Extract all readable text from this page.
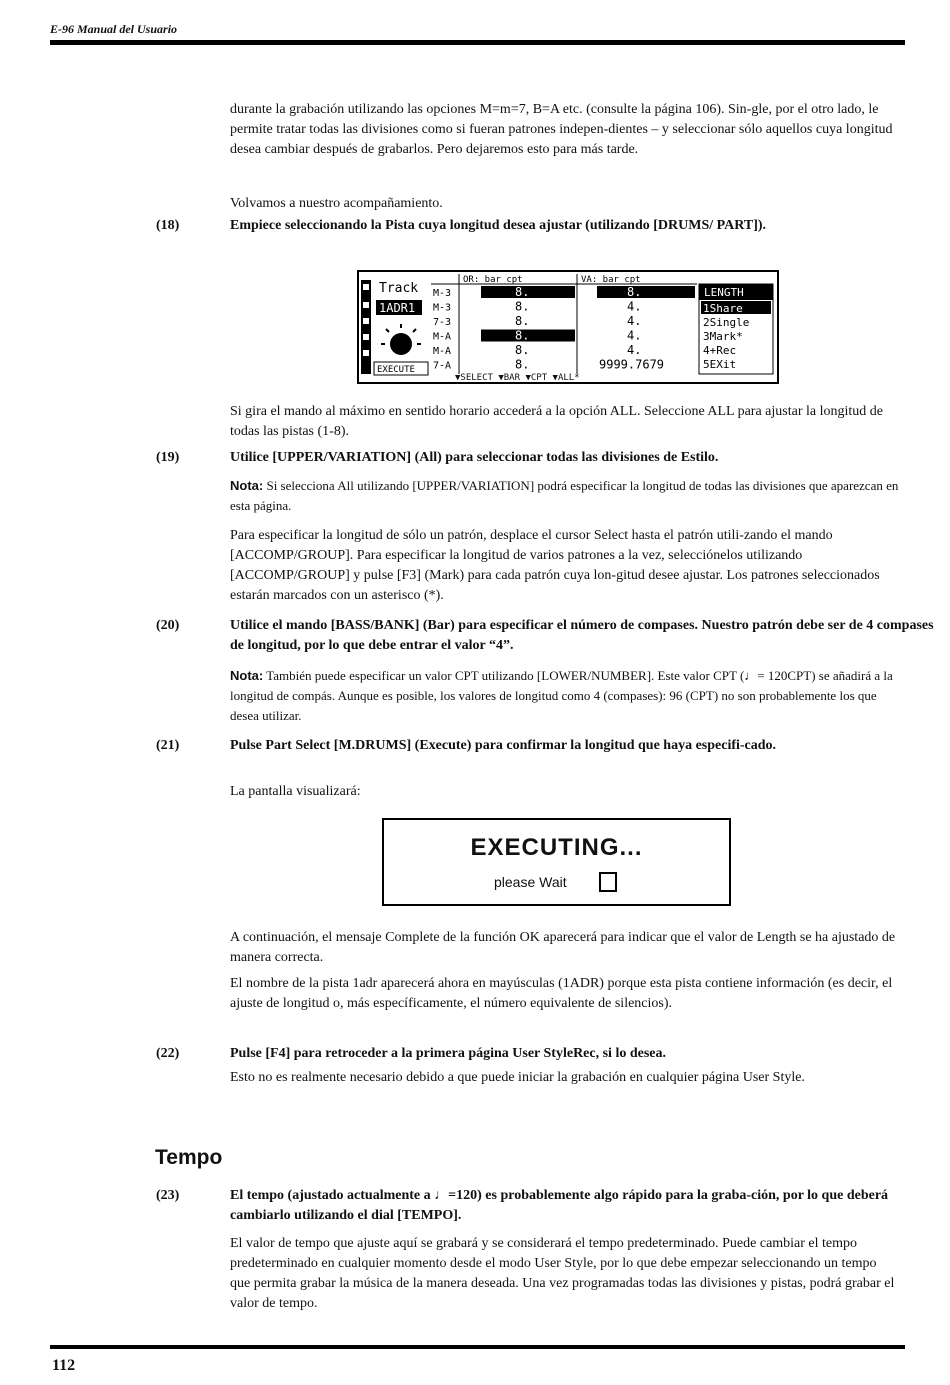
E-96 Manual del Usuario

durante la grabación utilizando las opciones M=m=7, B=A etc. (consulte la página 106). Sin-gle, por el otro lado, le permite tratar todas las divisiones como si fueran patrones indepen-dientes – y seleccionar sólo aquellos cuya longitud desea cambiar después de grabarlos. Pero dejaremos esto para más tarde.

Volvamos a nuestro acompañamiento.

(18)	Empiece seleccionando la Pista cuya longitud desea ajustar (utilizando [DRUMS/ PART]).
Track
1ADR1
EXECUTE
OR: bar cpt	VA: bar cpt
M-3	8.	8.
M-3	8.	4.
7-3	8.	4.
M-A	8.	4.
M-A	8.	4.
7-A	8.	9999.7679
LENGTH
1Share
2Single
3Mark*
4+Rec
5EXit
▼SELECT ▼BAR ▼CPT ▼ALL*

Si gira el mando al máximo en sentido horario accederá a la opción ALL. Seleccione ALL para ajustar la longitud de todas las pistas (1-8).

(19)	Utilice [UPPER/VARIATION] (All) para seleccionar todas las divisiones de Estilo.

Nota: Si selecciona All utilizando [UPPER/VARIATION] podrá especificar la longitud de todas las divisiones que aparezcan en esta página.

Para especificar la longitud de sólo un patrón, desplace el cursor Select hasta el patrón utili-zando el mando [ACCOMP/GROUP]. Para especificar la longitud de varios patrones a la vez, selecciónelos utilizando [ACCOMP/GROUP] y pulse [F3] (Mark) para cada patrón cuya lon-gitud desee ajustar. Los patrones seleccionados estarán marcados con un asterisco (*).

(20)	Utilice el mando [BASS/BANK] (Bar) para especificar el número de compases. Nuestro patrón debe ser de 4 compases de longitud, por lo que debe entrar el valor “4”.

Nota: También puede especificar un valor CPT utilizando [LOWER/NUMBER]. Este valor CPT (♩= 120CPT) se añadirá a la longitud de compás. Aunque es posible, los valores de longitud como 4 (compases): 96 (CPT) no son probablemente los que desea utilizar.

(21)	Pulse Part Select [M.DRUMS] (Execute) para confirmar la longitud que haya especifi-cado.

La pantalla visualizará:

EXECUTING...
please Wait

A continuación, el mensaje Complete de la función OK aparecerá para indicar que el valor de Length se ha ajustado de manera correcta.

El nombre de la pista 1adr aparecerá ahora en mayúsculas (1ADR) porque esta pista contiene información (es decir, el ajuste de longitud o, más específicamente, el número equivalente de silencios).

(22)	Pulse [F4] para retroceder a la primera página User StyleRec, si lo desea.

Esto no es realmente necesario debido a que puede iniciar la grabación en cualquier página User Style.

Tempo
(23)	El tempo (ajustado actualmente a ♩=120) es probablemente algo rápido para la graba-ción, por lo que deberá cambiarlo utilizando el dial [TEMPO].

El valor de tempo que ajuste aquí se grabará y se considerará el tempo predeterminado. Puede cambiar el tempo predeterminado en cualquier momento desde el modo User Style, por lo que debe empezar seleccionando un tempo que permita grabar la música de la manera deseada. Una vez programadas todas las divisiones y pistas, podrá grabar el valor de tempo.

112
